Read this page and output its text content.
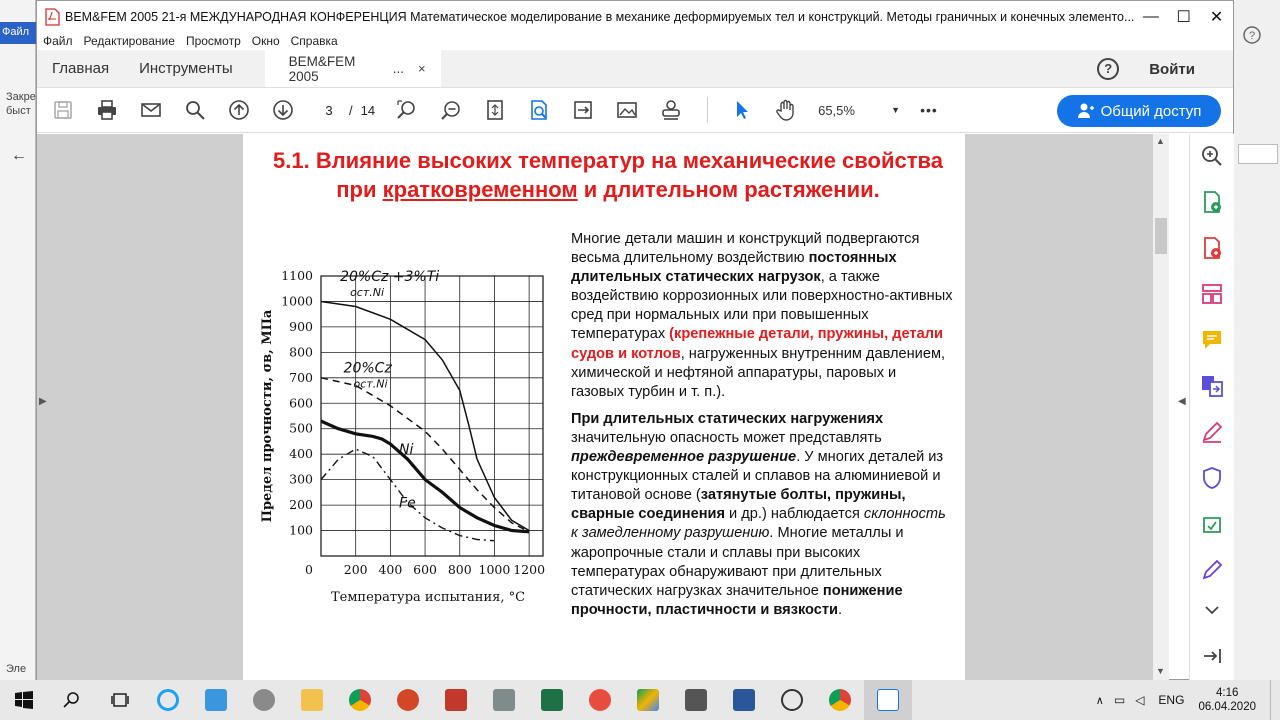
Файл
Закре
быст
←
Эле
?
BEM&FEM 2005 21-я МЕЖДУНАРОДНАЯ КОНФЕРЕНЦИЯ Математическое моделирование в механике деформируемых тел и конструкций. Методы граничных и конечных элементо... —	☐	✕
Файл Редактирование Просмотр Окно Справка
Главная	Инструменты	BEM&FEM 2005	... ×	?	Войти
3	/ 14	65,5%	▼ •••	Общий доступ
▶	◀
5.1. Влияние высоких температур на механические свойства при кратковременном и длительном растяжении.
100
200
300
400
500
600
700
800
900
1000
1100
0 200 400 600 800 1000 1200
Температура испытания, °С
Предел прочности, σв, МПа
20%Cz +3%Ti
ост.Ni
20%Cz
ост.Ni
Ni
Fe

Многие детали машин и конструкций подвергаются весьма длительному воздействию постоянных длительных статических нагрузок, а также воздействию коррозионных или поверхностно-активных сред при нормальных или при повышенных температурах (крепежные детали, пружины, детали судов и котлов, нагруженных внутренним давлением, химической и нефтяной аппаратуры, паровых и газовых турбин и т. п.).

При длительных статических нагружениях значительную опасность может представлять преждевременное разрушение. У многих деталей из конструкционных сталей и сплавов на алюминиевой и титановой основе (затянутые болты, пружины, сварные соединения и др.) наблюдается склонность к замедленному разрушению. Многие металлы и жаропрочные стали и сплавы при высоких температурах обнаруживают при длительных статических нагрузках значительное понижение прочности, пластичности и вязкости.

▲
▼
∧ ▭ ◁ ENG	4:16
06.04.2020
